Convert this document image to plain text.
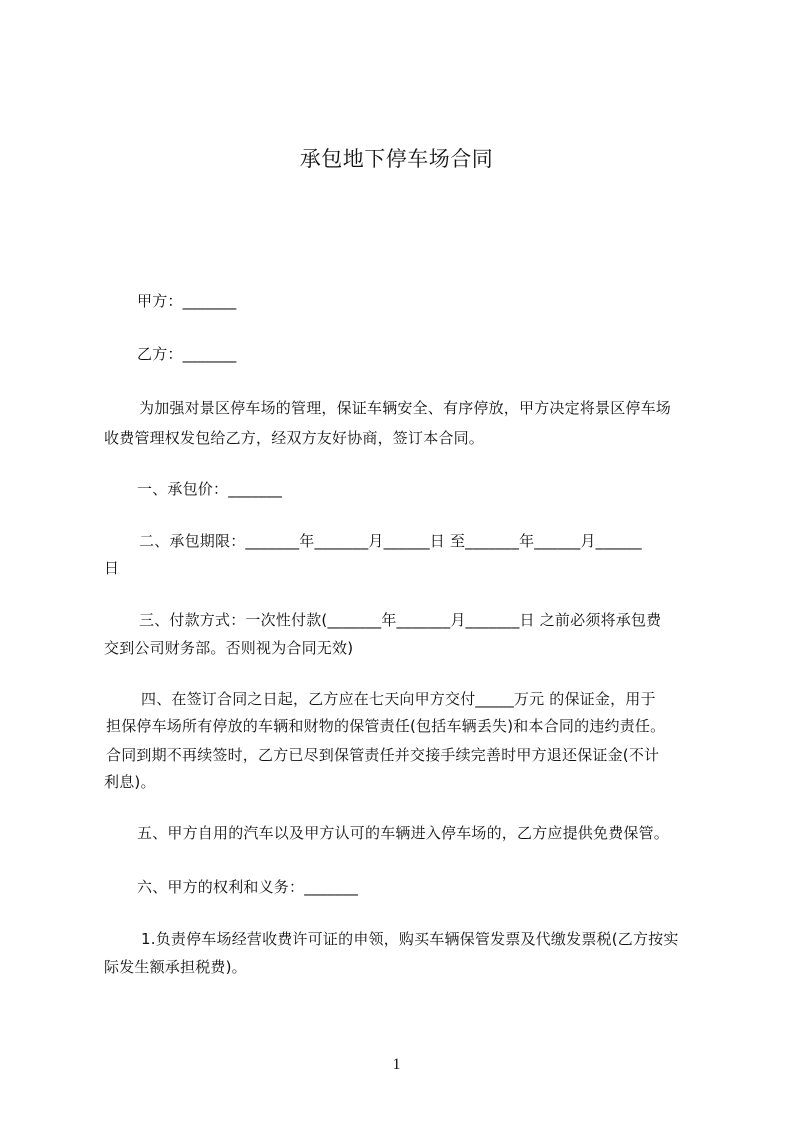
承包地下停车场合同
甲方：_______
乙方：_______
为加强对景区停车场的管理，保证车辆安全、有序停放，甲方决定将景区停车场
收费管理权发包给乙方，经双方友好协商，签订本合同。
一、承包价：_______
二、承包期限：_______年_______月______日 至_______年______月______
日
三、付款方式：一次性付款(_______年_______月_______日 之前必须将承包费
交到公司财务部。否则视为合同无效)
四、在签订合同之日起，乙方应在七天向甲方交付_____万元 的保证金，用于
担保停车场所有停放的车辆和财物的保管责任(包括车辆丢失)和本合同的违约责任。
合同到期不再续签时，乙方已尽到保管责任并交接手续完善时甲方退还保证金(不计
利息)。
五、甲方自用的汽车以及甲方认可的车辆进入停车场的，乙方应提供免费保管。
六、甲方的权利和义务：_______
1.负责停车场经营收费许可证的申领，购买车辆保管发票及代缴发票税(乙方按实
际发生额承担税费)。
1
